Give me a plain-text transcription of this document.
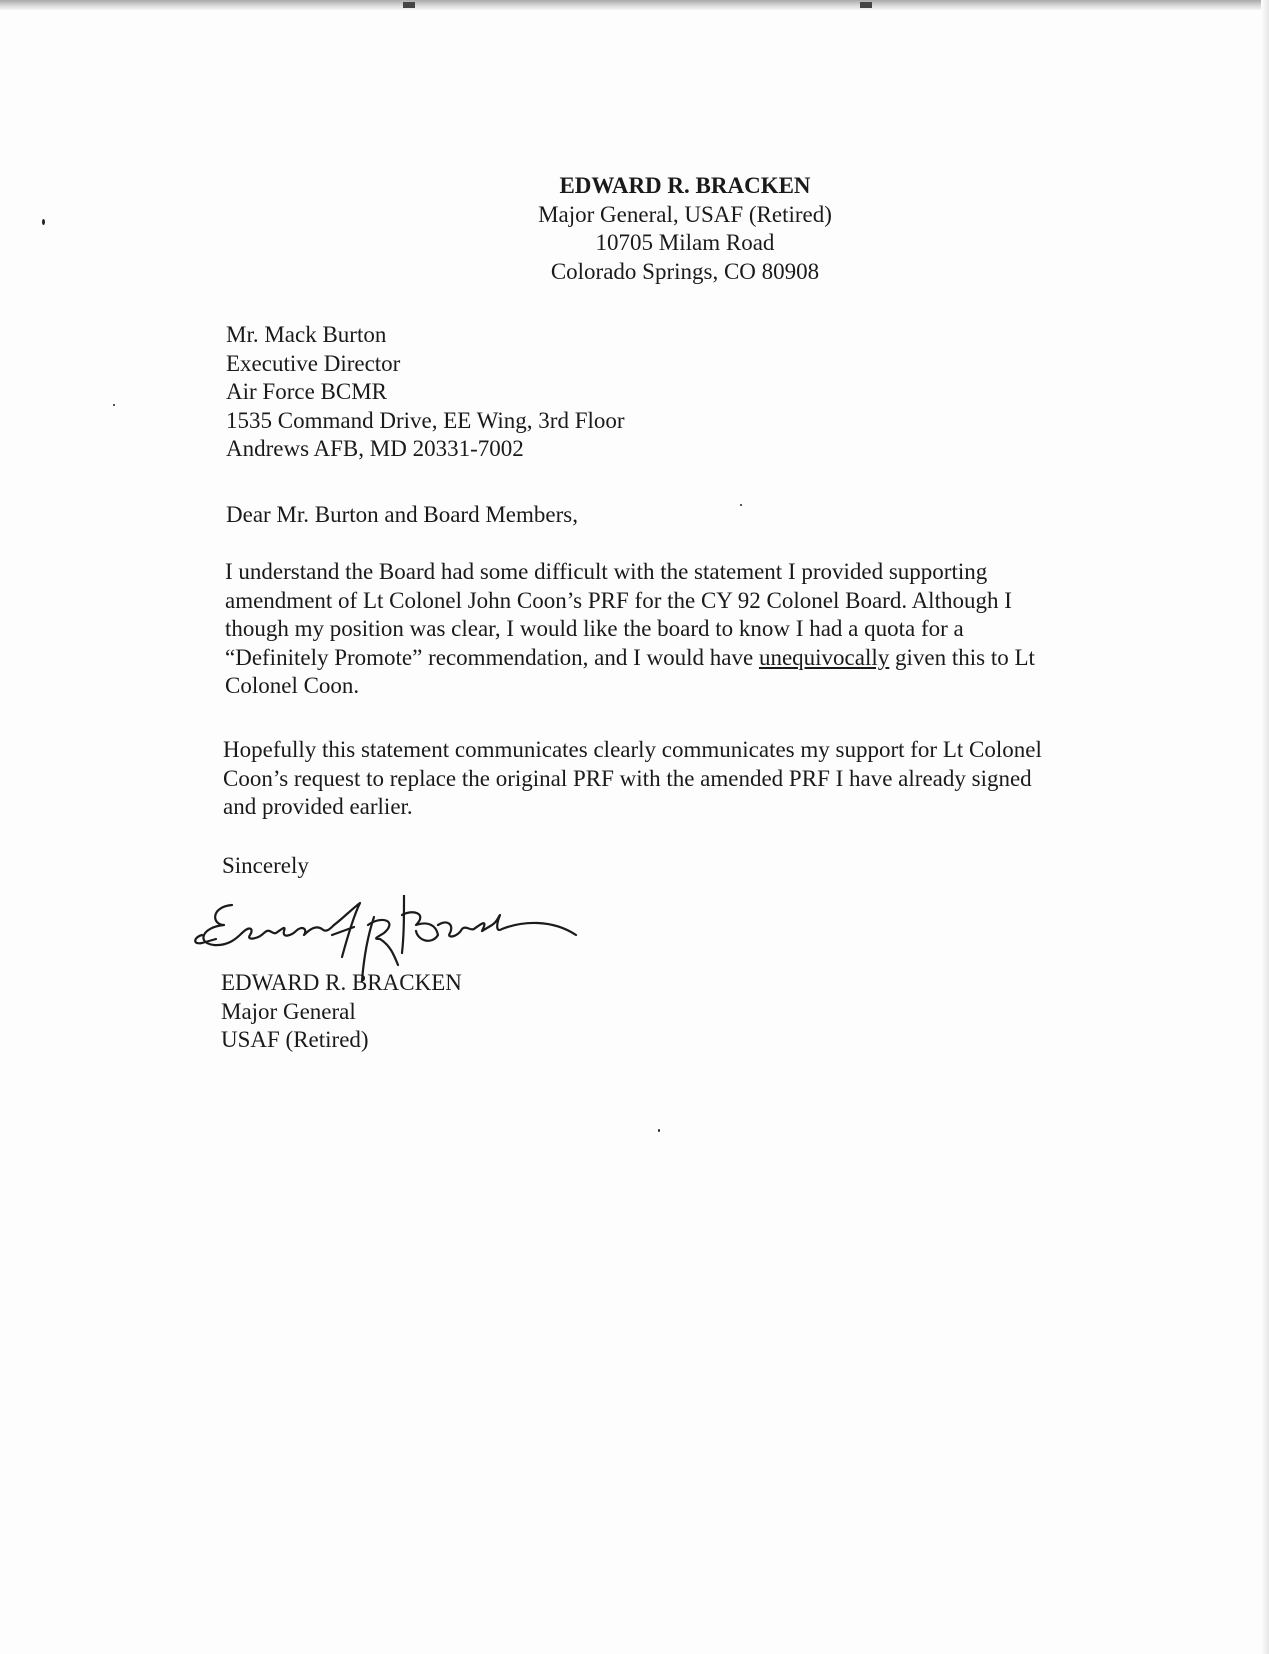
EDWARD R. BRACKEN
Major General, USAF (Retired)
10705 Milam Road
Colorado Springs, CO 80908
Mr. Mack Burton
Executive Director
Air Force BCMR
1535 Command Drive, EE Wing, 3rd Floor
Andrews AFB, MD 20331-7002
Dear Mr. Burton and Board Members,
I understand the Board had some difficult with the statement I provided supporting
amendment of Lt Colonel John Coon’s PRF for the CY 92 Colonel Board. Although I
though my position was clear, I would like the board to know I had a quota for a
“Definitely Promote” recommendation, and I would have unequivocally given this to Lt
Colonel Coon.
Hopefully this statement communicates clearly communicates my support for Lt Colonel
Coon’s request to replace the original PRF with the amended PRF I have already signed
and provided earlier.
Sincerely
EDWARD R. BRACKEN
Major General
USAF (Retired)
